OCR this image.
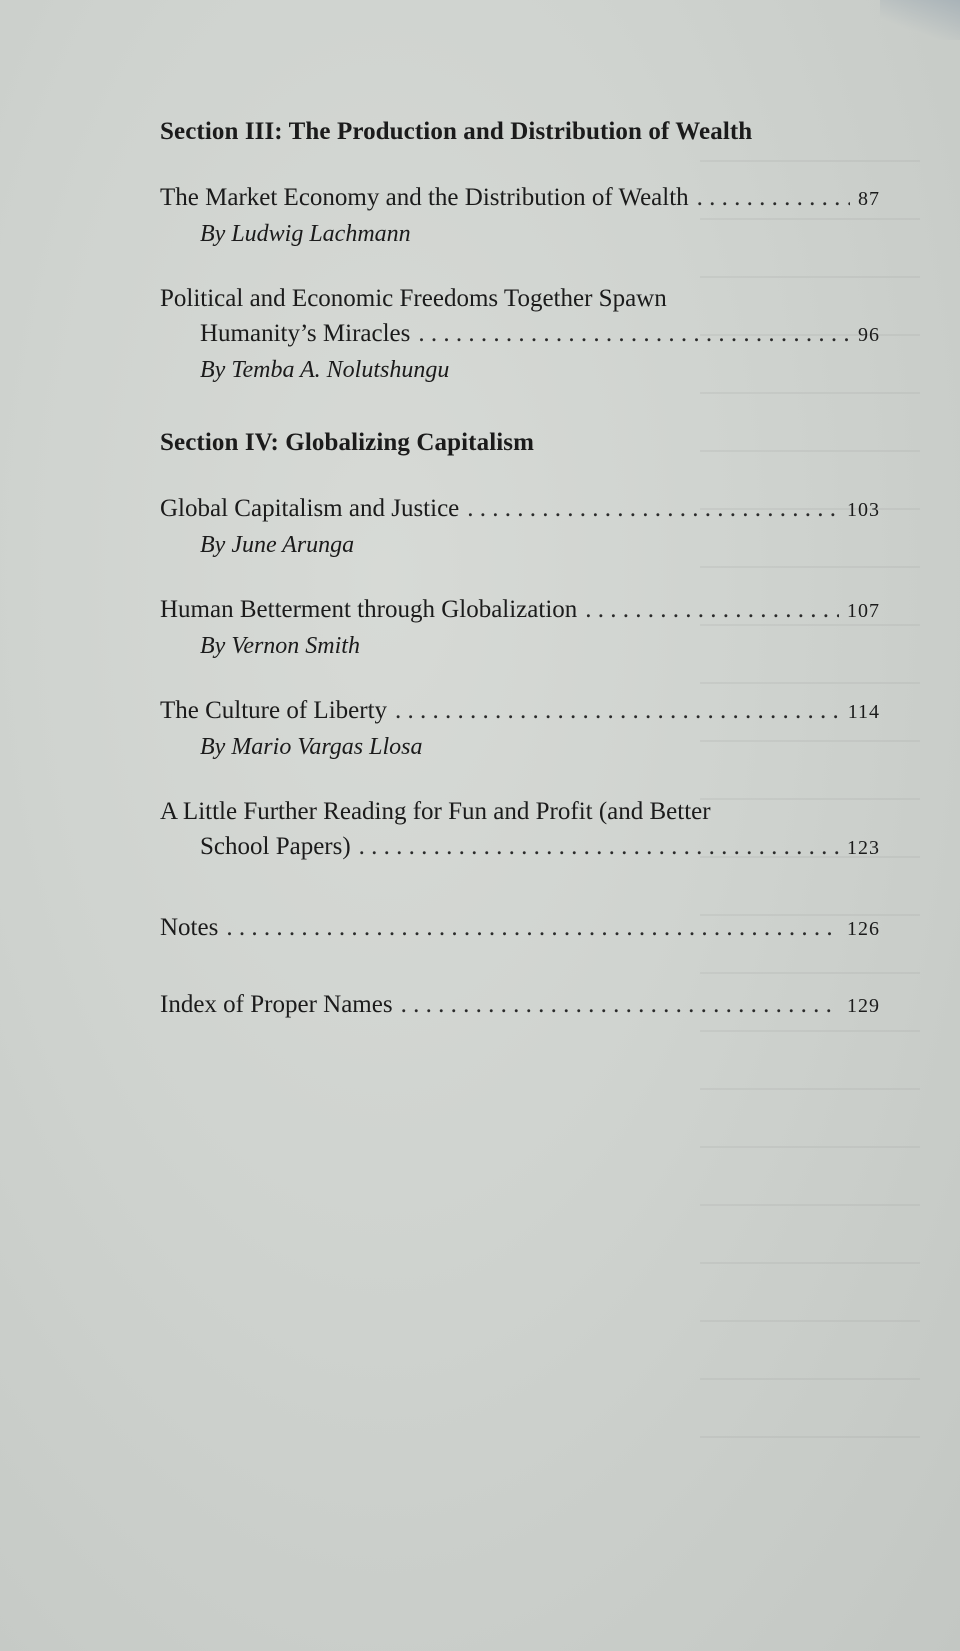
Section III: The Production and Distribution of Wealth
The Market Economy and the Distribution of Wealth . . .	87
By Ludwig Lachmann
Political and Economic Freedoms Together Spawn
Humanity’s Miracles . . .	96
By Temba A. Nolutshungu
Section IV: Globalizing Capitalism
Global Capitalism and Justice . . .	103
By June Arunga
Human Betterment through Globalization . . .	107
By Vernon Smith
The Culture of Liberty . . .	114
By Mario Vargas Llosa
A Little Further Reading for Fun and Profit (and Better
School Papers) . . .	123
Notes . . .	126
Index of Proper Names . . .	129
